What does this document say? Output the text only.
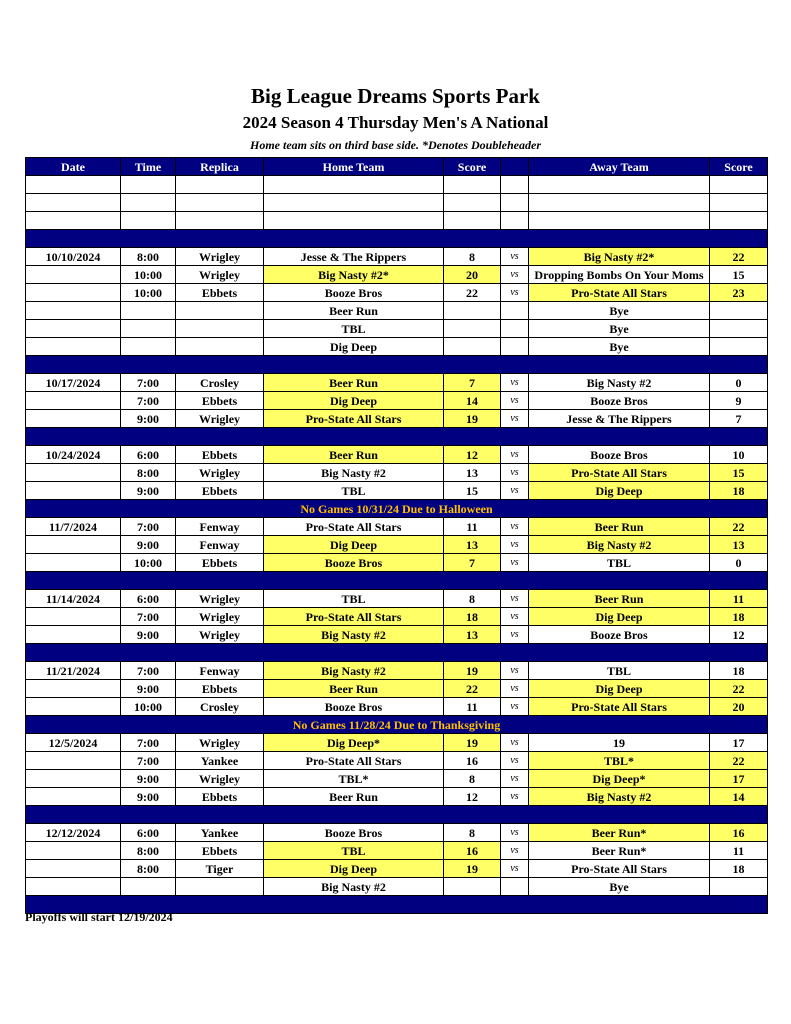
Big League Dreams Sports Park
2024 Season 4 Thursday Men's A National
Home team sits on third base side. *Denotes Doubleheader
Date	Time	Replica	Home Team	Score		Away Team	Score

10/10/2024	8:00	Wrigley	Jesse & The Rippers	8	vs	Big Nasty #2*	22
	10:00	Wrigley	Big Nasty #2*	20	vs	Dropping Bombs On Your Moms	15
	10:00	Ebbets	Booze Bros	22	vs	Pro-State All Stars	23
			Beer Run			Bye	
			TBL			Bye	
			Dig Deep			Bye	

10/17/2024	7:00	Crosley	Beer Run	7	vs	Big Nasty #2	0
	7:00	Ebbets	Dig Deep	14	vs	Booze Bros	9
	9:00	Wrigley	Pro-State All Stars	19	vs	Jesse & The Rippers	7

10/24/2024	6:00	Ebbets	Beer Run	12	vs	Booze Bros	10
	8:00	Wrigley	Big Nasty #2	13	vs	Pro-State All Stars	15
	9:00	Ebbets	TBL	15	vs	Dig Deep	18
No Games 10/31/24 Due to Halloween							
11/7/2024	7:00	Fenway	Pro-State All Stars	11	vs	Beer Run	22
	9:00	Fenway	Dig Deep	13	vs	Big Nasty #2	13
	10:00	Ebbets	Booze Bros	7	vs	TBL	0

11/14/2024	6:00	Wrigley	TBL	8	vs	Beer Run	11
	7:00	Wrigley	Pro-State All Stars	18	vs	Dig Deep	18
	9:00	Wrigley	Big Nasty #2	13	vs	Booze Bros	12

11/21/2024	7:00	Fenway	Big Nasty #2	19	vs	TBL	18
	9:00	Ebbets	Beer Run	22	vs	Dig Deep	22
	10:00	Crosley	Booze Bros	11	vs	Pro-State All Stars	20
No Games 11/28/24 Due to Thanksgiving							
12/5/2024	7:00	Wrigley	Dig Deep*	19	vs	19	17
	7:00	Yankee	Pro-State All Stars	16	vs	TBL*	22
	9:00	Wrigley	TBL*	8	vs	Dig Deep*	17
	9:00	Ebbets	Beer Run	12	vs	Big Nasty #2	14

12/12/2024	6:00	Yankee	Booze Bros	8	vs	Beer Run*	16
	8:00	Ebbets	TBL	16	vs	Beer Run*	11
	8:00	Tiger	Dig Deep	19	vs	Pro-State All Stars	18
			Big Nasty #2			Bye	

Playoffs will start 12/19/2024
